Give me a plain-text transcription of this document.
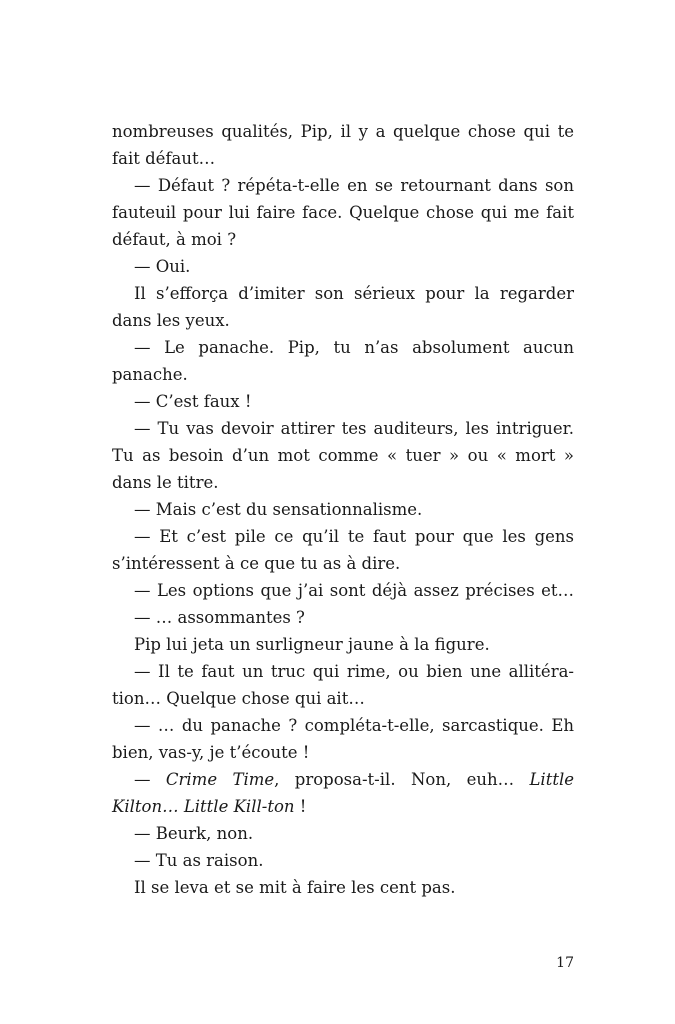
nombreuses qualités, Pip, il y a quelque chose qui te
fait défaut…
— Défaut ? répéta-t-elle en se retournant dans son
fauteuil pour lui faire face. Quelque chose qui me fait
défaut, à moi ?
— Oui.
Il s’efforça d’imiter son sérieux pour la regarder
dans les yeux.
— Le panache. Pip, tu n’as absolument aucun
panache.
— C’est faux !
— Tu vas devoir attirer tes auditeurs, les intriguer.
Tu as besoin d’un mot comme « tuer » ou « mort »
dans le titre.
— Mais c’est du sensationnalisme.
— Et c’est pile ce qu’il te faut pour que les gens
s’intéressent à ce que tu as à dire.
— Les options que j’ai sont déjà assez précises et…
— … assommantes ?
Pip lui jeta un surligneur jaune à la figure.
— Il te faut un truc qui rime, ou bien une allitéra-
tion… Quelque chose qui ait…
— … du panache ? compléta-t-elle, sarcastique. Eh
bien, vas-y, je t’écoute !
— Crime Time, proposa-t-il. Non, euh… Little
Kilton… Little Kill-ton !
— Beurk, non.
— Tu as raison.
Il se leva et se mit à faire les cent pas.
17
